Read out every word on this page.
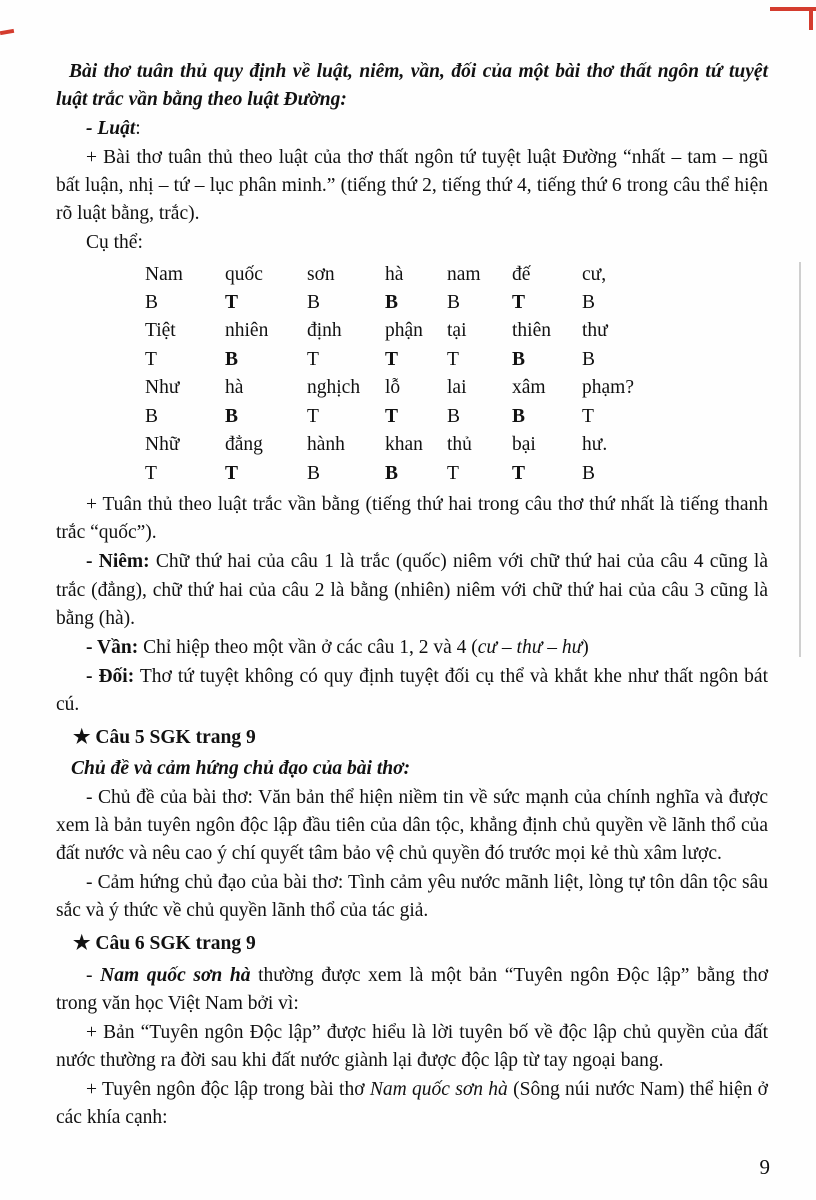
Bài thơ tuân thủ quy định về luật, niêm, vần, đối của một bài thơ thất ngôn tứ tuyệt luật trắc vần bằng theo luật Đường:

- Luật:

+ Bài thơ tuân thủ theo luật của thơ thất ngôn tứ tuyệt luật Đường “nhất – tam – ngũ bất luận, nhị – tứ – lục phân minh.” (tiếng thứ 2, tiếng thứ 4, tiếng thứ 6 trong câu thể hiện rõ luật bằng, trắc).

Cụ thể:

Nam	quốc	sơn	hà	nam	đế	cư,
B	T	B	B	B	T	B
Tiệt	nhiên	định	phận	tại	thiên	thư
T	B	T	T	T	B	B
Như	hà	nghịch	lỗ	lai	xâm	phạm?
B	B	T	T	B	B	T
Nhữ	đẳng	hành	khan	thủ	bại	hư.
T	T	B	B	T	T	B

+ Tuân thủ theo luật trắc vần bằng (tiếng thứ hai trong câu thơ thứ nhất là tiếng thanh trắc “quốc”).

- Niêm: Chữ thứ hai của câu 1 là trắc (quốc) niêm với chữ thứ hai của câu 4 cũng là trắc (đẳng), chữ thứ hai của câu 2 là bằng (nhiên) niêm với chữ thứ hai của câu 3 cũng là bằng (hà).

- Vần: Chỉ hiệp theo một vần ở các câu 1, 2 và 4 (cư – thư – hư)

- Đối: Thơ tứ tuyệt không có quy định tuyệt đối cụ thể và khắt khe như thất ngôn bát cú.

★ Câu 5 SGK trang 9

Chủ đề và cảm hứng chủ đạo của bài thơ:

- Chủ đề của bài thơ: Văn bản thể hiện niềm tin về sức mạnh của chính nghĩa và được xem là bản tuyên ngôn độc lập đầu tiên của dân tộc, khẳng định chủ quyền về lãnh thổ của đất nước và nêu cao ý chí quyết tâm bảo vệ chủ quyền đó trước mọi kẻ thù xâm lược.

- Cảm hứng chủ đạo của bài thơ: Tình cảm yêu nước mãnh liệt, lòng tự tôn dân tộc sâu sắc và ý thức về chủ quyền lãnh thổ của tác giả.

★ Câu 6 SGK trang 9

- Nam quốc sơn hà thường được xem là một bản “Tuyên ngôn Độc lập” bằng thơ trong văn học Việt Nam bởi vì:

+ Bản “Tuyên ngôn Độc lập” được hiểu là lời tuyên bố về độc lập chủ quyền của đất nước thường ra đời sau khi đất nước giành lại được độc lập từ tay ngoại bang.

+ Tuyên ngôn độc lập trong bài thơ Nam quốc sơn hà (Sông núi nước Nam) thể hiện ở các khía cạnh:

9
